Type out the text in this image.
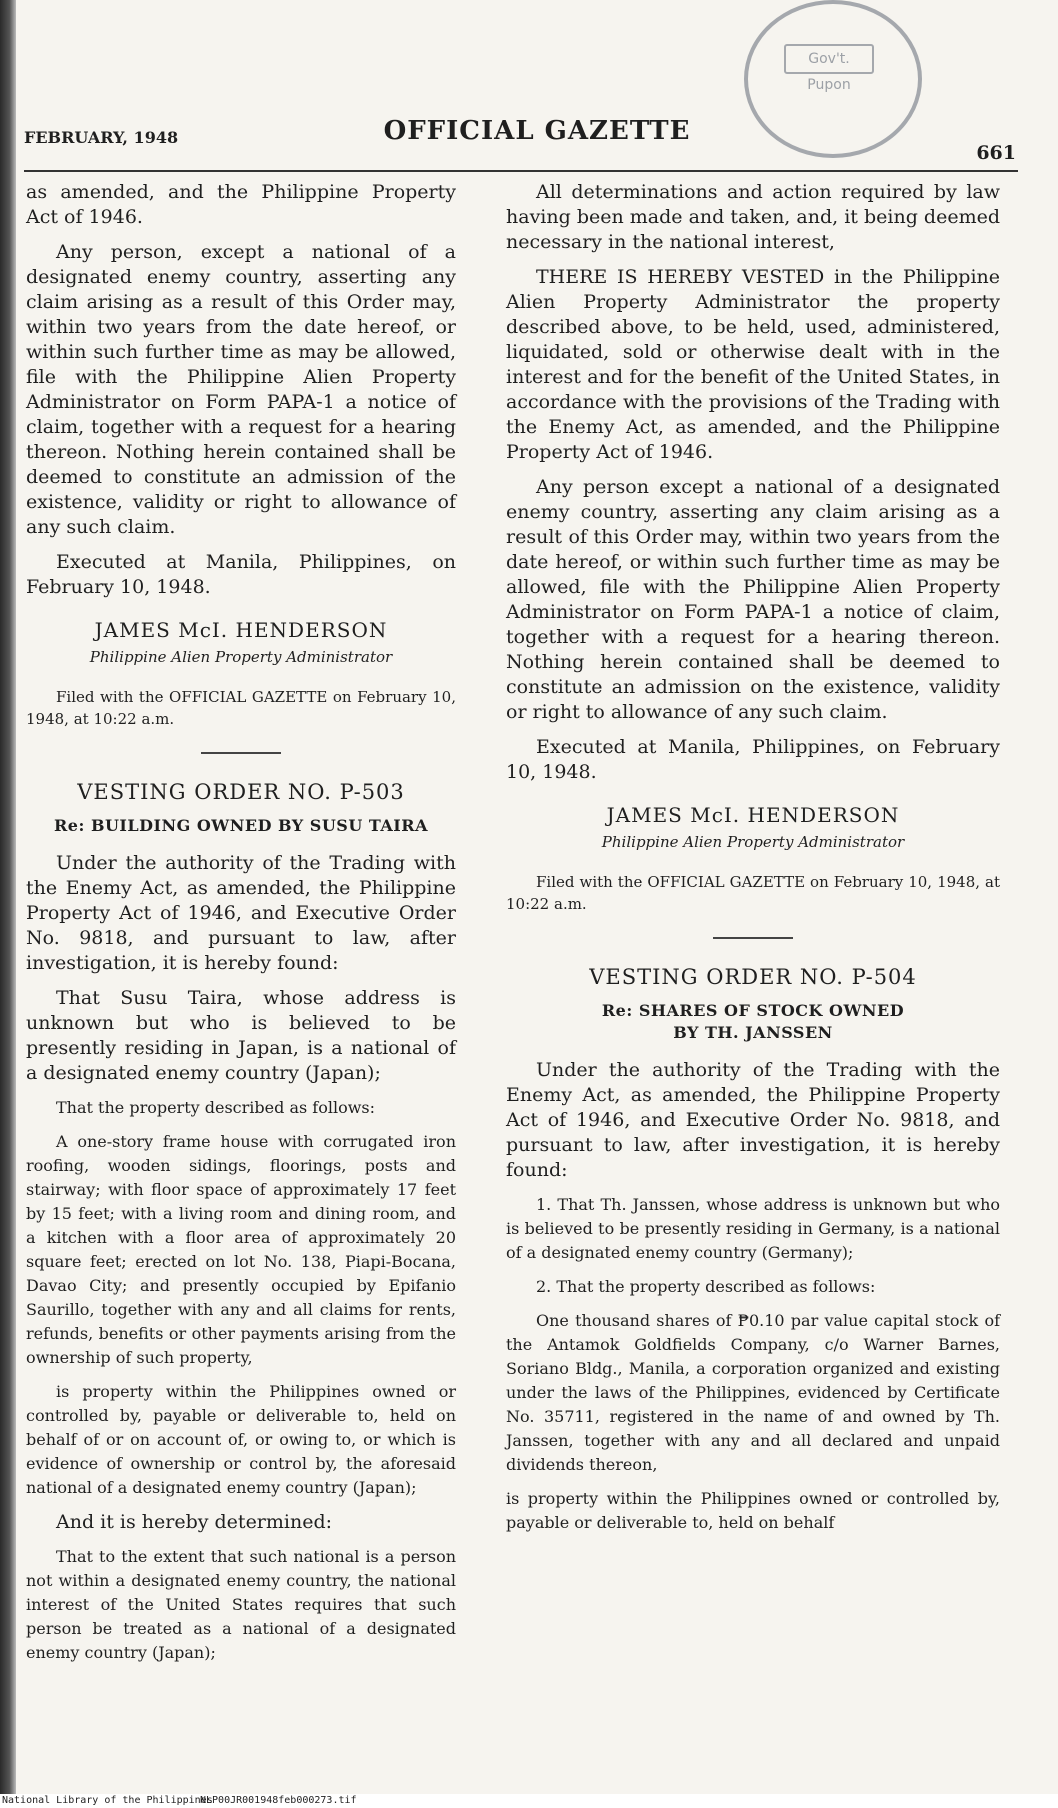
Gov't. Pupon
FEBRUARY, 1948	OFFICIAL GAZETTE
661

as amended, and the Philippine Property Act of 1946.

Any person, except a national of a designated enemy country, asserting any claim arising as a result of this Order may, within two years from the date hereof, or within such further time as may be allowed, file with the Philippine Alien Property Administrator on Form PAPA-1 a notice of claim, together with a request for a hearing thereon. Nothing herein contained shall be deemed to constitute an admission of the existence, validity or right to allowance of any such claim.

Executed at Manila, Philippines, on February 10, 1948.

JAMES McI. HENDERSON
Philippine Alien Property Administrator
Filed with the OFFICIAL GAZETTE on February 10, 1948, at 10:22 a.m.
VESTING ORDER NO. P-503
Re: BUILDING OWNED BY SUSU TAIRA

Under the authority of the Trading with the Enemy Act, as amended, the Philippine Property Act of 1946, and Executive Order No. 9818, and pursuant to law, after investigation, it is hereby found:

That Susu Taira, whose address is unknown but who is believed to be presently residing in Japan, is a national of a designated enemy country (Japan);

That the property described as follows:

A one-story frame house with corrugated iron roofing, wooden sidings, floorings, posts and stairway; with floor space of approximately 17 feet by 15 feet; with a living room and dining room, and a kitchen with a floor area of approximately 20 square feet; erected on lot No. 138, Piapi-Bocana, Davao City; and presently occupied by Epifanio Saurillo, together with any and all claims for rents, refunds, benefits or other payments arising from the ownership of such property,

is property within the Philippines owned or controlled by, payable or deliverable to, held on behalf of or on account of, or owing to, or which is evidence of ownership or control by, the aforesaid national of a designated enemy country (Japan);

And it is hereby determined:

That to the extent that such national is a person not within a designated enemy country, the national interest of the United States requires that such person be treated as a national of a designated enemy country (Japan);

All determinations and action required by law having been made and taken, and, it being deemed necessary in the national interest,

THERE IS HEREBY VESTED in the Philippine Alien Property Administrator the property described above, to be held, used, administered, liquidated, sold or otherwise dealt with in the interest and for the benefit of the United States, in accordance with the provisions of the Trading with the Enemy Act, as amended, and the Philippine Property Act of 1946.

Any person except a national of a designated enemy country, asserting any claim arising as a result of this Order may, within two years from the date hereof, or within such further time as may be allowed, file with the Philippine Alien Property Administrator on Form PAPA-1 a notice of claim, together with a request for a hearing thereon. Nothing herein contained shall be deemed to constitute an admission on the existence, validity or right to allowance of any such claim.

Executed at Manila, Philippines, on February 10, 1948.

JAMES McI. HENDERSON
Philippine Alien Property Administrator
Filed with the OFFICIAL GAZETTE on February 10, 1948, at 10:22 a.m.
VESTING ORDER NO. P-504
Re: SHARES OF STOCK OWNED
BY TH. JANSSEN

Under the authority of the Trading with the Enemy Act, as amended, the Philippine Property Act of 1946, and Executive Order No. 9818, and pursuant to law, after investigation, it is hereby found:

1. That Th. Janssen, whose address is unknown but who is believed to be presently residing in Germany, is a national of a designated enemy country (Germany);

2. That the property described as follows:

One thousand shares of ₱0.10 par value capital stock of the Antamok Goldfields Company, c/o Warner Barnes, Soriano Bldg., Manila, a corporation organized and existing under the laws of the Philippines, evidenced by Certificate No. 35711, registered in the name of and owned by Th. Janssen, together with any and all declared and unpaid dividends thereon,

is property within the Philippines owned or controlled by, payable or deliverable to, held on behalf

National Library of the Philippines
NLP00JR001948feb000273.tif
